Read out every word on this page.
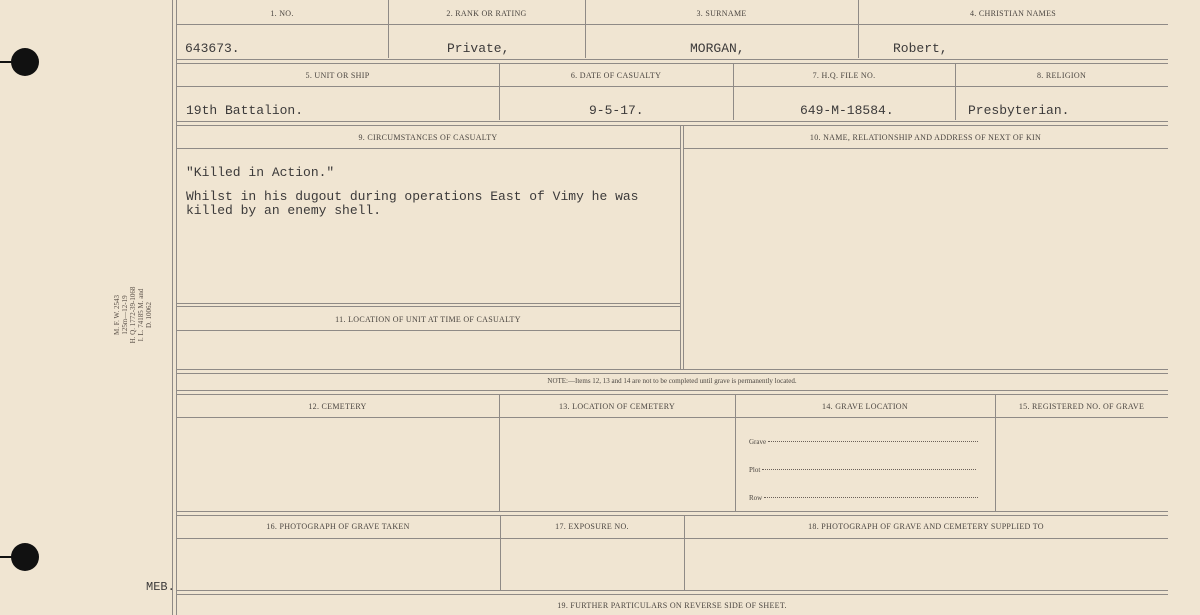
M. F. W. 2543
125m—12-19
H. Q. 1772-39-1068
I. L. 74185 M. and D. 10062
1. NO.	2. RANK OR RATING	3. SURNAME	4. CHRISTIAN NAMES
643673.	Private,	MORGAN,	Robert,
5. UNIT OR SHIP	6. DATE OF CASUALTY	7. H.Q. FILE NO.	8. RELIGION
19th Battalion.	9-5-17.	649-M-18584.	Presbyterian.
9. CIRCUMSTANCES OF CASUALTY	10. NAME, RELATIONSHIP AND ADDRESS OF NEXT OF KIN
"Killed in Action."
Whilst in his dugout during operations East of Vimy he was
killed by an enemy shell.
11. LOCATION OF UNIT AT TIME OF CASUALTY
NOTE:—Items 12, 13 and 14 are not to be completed until grave is permanently located.
12. CEMETERY	13. LOCATION OF CEMETERY	14. GRAVE LOCATION	15. REGISTERED NO. OF GRAVE
Grave
Plot
Row
16. PHOTOGRAPH OF GRAVE TAKEN	17. EXPOSURE NO.	18. PHOTOGRAPH OF GRAVE AND CEMETERY SUPPLIED TO
19. FURTHER PARTICULARS ON REVERSE SIDE OF SHEET.
MEB.
